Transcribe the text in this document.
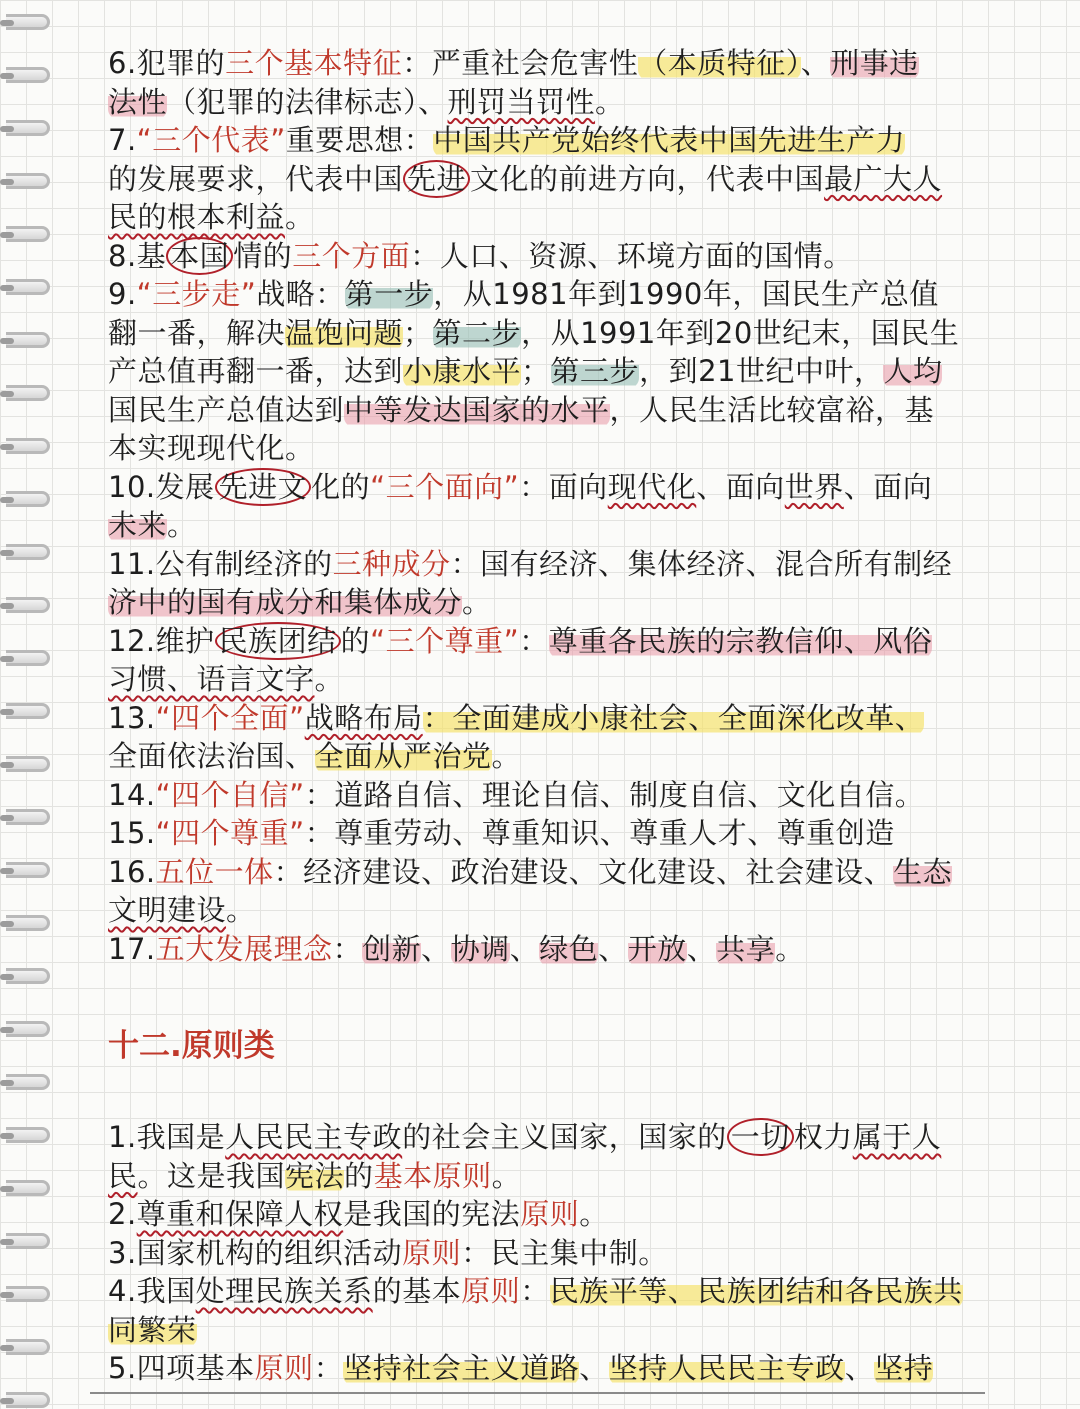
6.犯罪的三个基本特征：严重社会危害性（本质特征）、刑事违
法性（犯罪的法律标志）、刑罚当罚性。
7.“三个代表”重要思想：中国共产党始终代表中国先进生产力
的发展要求，代表中国 先进 文化的前进方向，代表中国最广大人
民的根本利益。
8.基 本国 情的三个方面：人口、资源、环境方面的国情。
9.“三步走”战略：第一步，从1981年到1990年，国民生产总值
翻一番，解决温饱问题；第二步，从1991年到20世纪末，国民生
产总值再翻一番，达到小康水平；第三步，到21世纪中叶，人均
国民生产总值达到中等发达国家的水平，人民生活比较富裕，基
本实现现代化。
10.发展 先进文 化的“三个面向”：面向现代化、面向世界、面向
未来。
11.公有制经济的三种成分：国有经济、集体经济、混合所有制经
济中的国有成分和集体成分。
12.维护 民族团结 的“三个尊重”：尊重各民族的宗教信仰、风俗
习惯、语言文字。
13.“四个全面”战略布局：全面建成小康社会、全面深化改革、
全面依法治国、全面从严治党。
14.“四个自信”：道路自信、理论自信、制度自信、文化自信。
15.“四个尊重”：尊重劳动、尊重知识、尊重人才、尊重创造
16.五位一体：经济建设、政治建设、文化建设、社会建设、生态
文明建设。
17.五大发展理念：创新、协调、绿色、开放、共享。
十二.原则类
1.我国是人民民主专政的社会主义国家，国家的 一切 权力属于人
民。这是我国宪法的基本原则。
2.尊重和保障人权是我国的宪法原则。
3.国家机构的组织活动原则：民主集中制。
4.我国处理民族关系的基本原则：民族平等、民族团结和各民族共
同繁荣
5.四项基本原则：坚持社会主义道路、坚持人民民主专政、坚持
